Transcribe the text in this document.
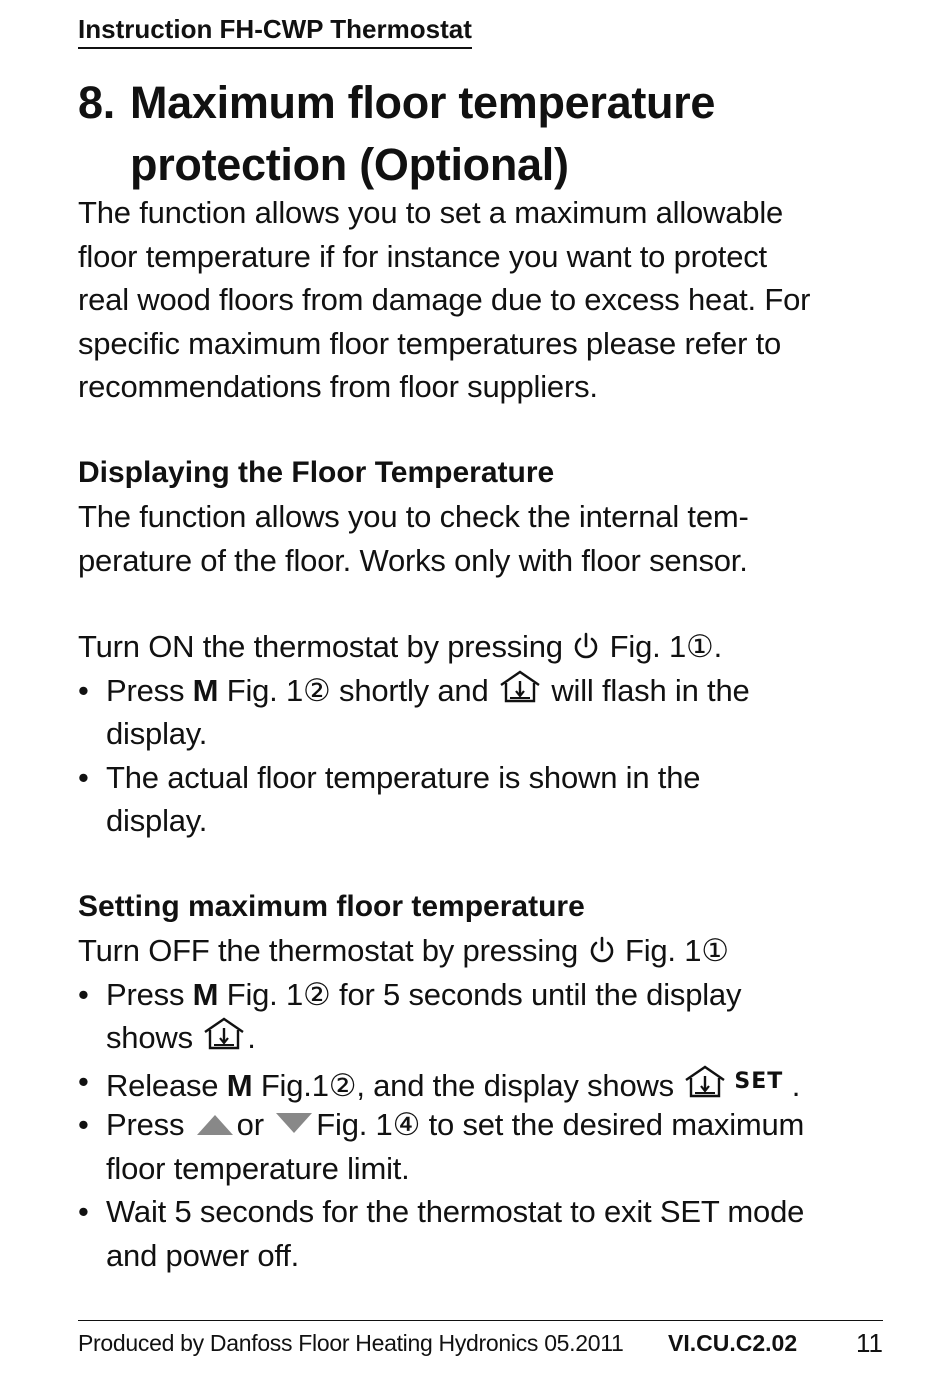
Instruction FH-CWP Thermostat
8. Maximum floor temperature
protection (Optional)
The function allows you to set a maximum allowable
floor temperature if for instance you want to protect
real wood floors from damage due to excess heat. For
specific maximum floor temperatures please refer to
recommendations from floor suppliers.
Displaying the Floor Temperature
The function allows you to check the internal tem-
perature of the floor. Works only with floor sensor.
Turn ON the thermostat by pressing Fig. 1①.
• Press M Fig. 1② shortly and will flash in the
display.
• The actual floor temperature is shown in the
display.
Setting maximum floor temperature
Turn OFF the thermostat by pressing Fig. 1①
• Press M Fig. 1② for 5 seconds until the display
shows .
• Release M Fig.1②, and the display shows	SET .
• Press or Fig. 1④ to set the desired maximum
floor temperature limit.
• Wait 5 seconds for the thermostat to exit SET mode
and power off.
Produced by Danfoss Floor Heating Hydronics 05.2011 VI.CU.C2.02 11
